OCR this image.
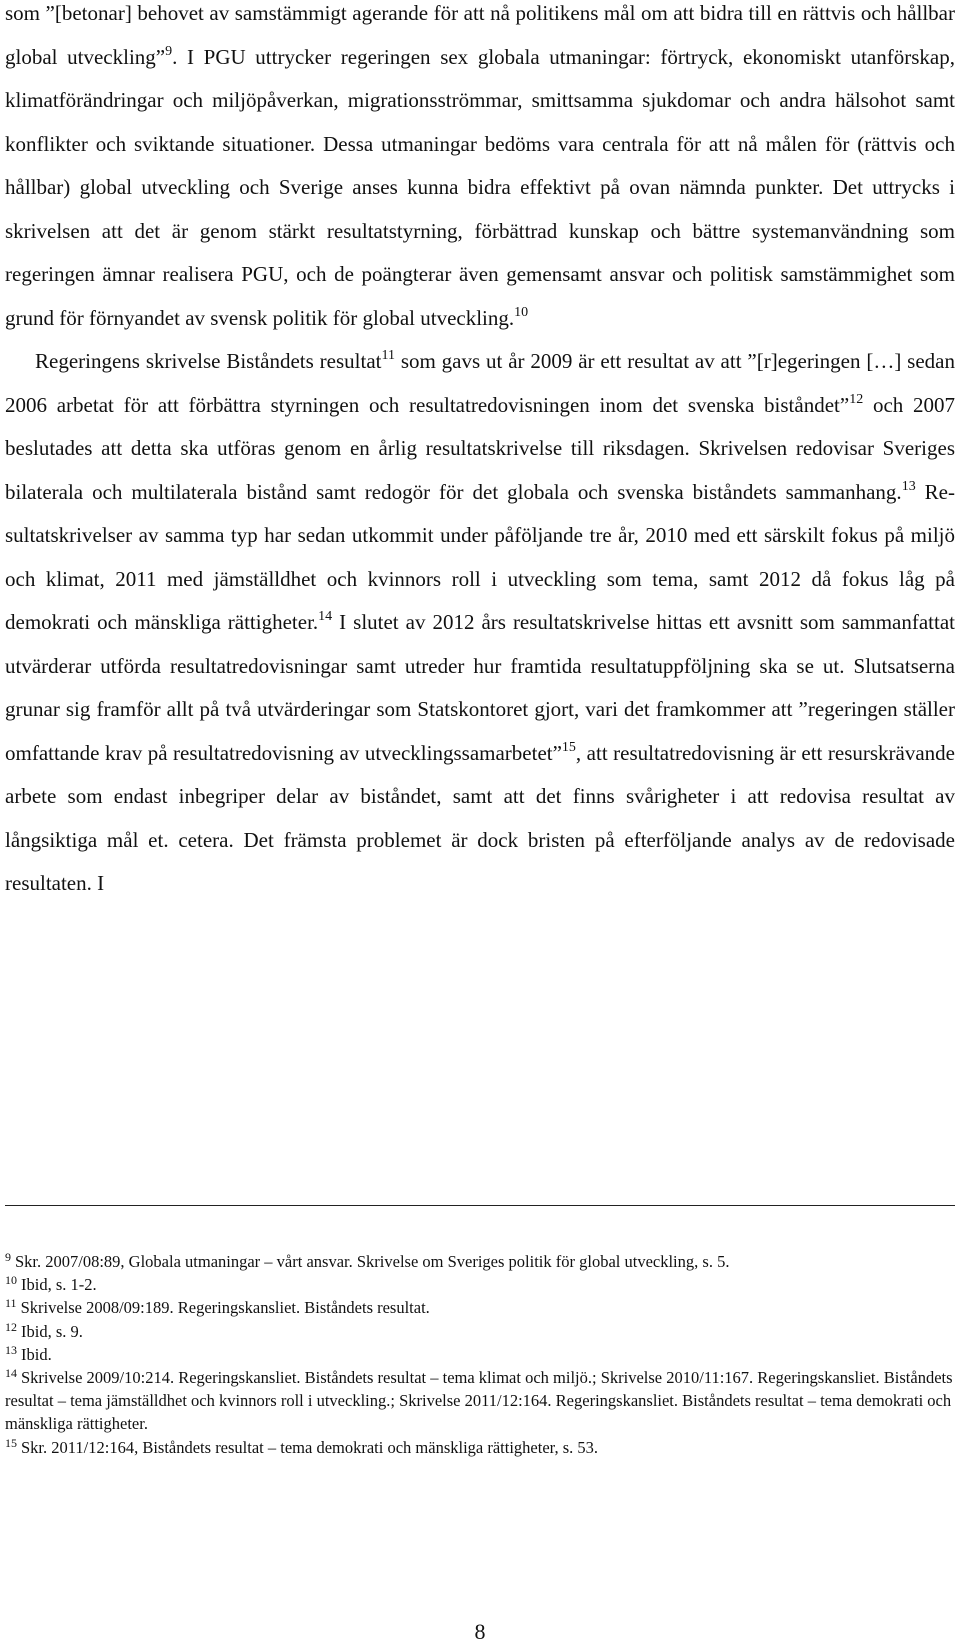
som ”[betonar] behovet av samstämmigt agerande för att nå politikens mål om att bidra till en rättvis och hållbar global utveckling”$^9$. I PGU uttrycker regeringen sex globala utmaningar: förtryck, ekonomiskt utanförskap, klimatförändringar och miljöpåverkan, migrationsströmmar, smittsamma sjukdomar och andra hälsohot samt konflikter och sviktande situationer. Dessa utmaningar bedöms vara centrala för att nå målen för (rättvis och hållbar) global utveckling och Sverige anses kunna bidra effektivt på ovan nämnda punkter. Det uttrycks i skrivelsen att det är genom stärkt resultatstyrning, förbättrad kunskap och bättre systemanvändning som regeringen ämnar realisera PGU, och de poängterar även gemensamt ansvar och politisk samstämmighet som grund för förnyandet av svensk politik för global utveckling.$^{10}$

Regeringens skrivelse Biståndets resultat$^{11}$ som gavs ut år 2009 är ett resultat av att ”[r]egeringen […] sedan 2006 arbetat för att förbättra styrningen och resultatredovisningen inom det svenska biståndet”$^{12}$ och 2007 beslutades att detta ska utföras genom en årlig resultatskrivelse till riksdagen. Skrivelsen redovisar Sveriges bilaterala och multilaterala bistånd samt redogör för det globala och svenska biståndets sammanhang.$^{13}$ Resultatskrivelser av samma typ har sedan utkommit under påföljande tre år, 2010 med ett särskilt fokus på miljö och klimat, 2011 med jämställdhet och kvinnors roll i utveckling som tema, samt 2012 då fokus låg på demokrati och mänskliga rättigheter.$^{14}$ I slutet av 2012 års resultatskrivelse hittas ett avsnitt som sammanfattat utvärderar utförda resultatredovisningar samt utreder hur framtida resultatuppföljning ska se ut. Slutsatserna grunar sig framför allt på två utvärderingar som Statskontoret gjort, vari det framkommer att ”regeringen ställer omfattande krav på resultatredovisning av utvecklingssamarbetet”$^{15}$, att resultatredovisning är ett resurskrävande arbete som endast inbegriper delar av biståndet, samt att det finns svårigheter i att redovisa resultat av långsiktiga mål et. cetera. Det främsta problemet är dock bristen på efterföljande analys av de redovisade resultaten. I

$^9$ Skr. 2007/08:89, Globala utmaningar – vårt ansvar. Skrivelse om Sveriges politik för global utveckling, s. 5.

$^{10}$ Ibid, s. 1-2.

$^{11}$ Skrivelse 2008/09:189. Regeringskansliet. Biståndets resultat.

$^{12}$ Ibid, s. 9.

$^{13}$ Ibid.

$^{14}$ Skrivelse 2009/10:214. Regeringskansliet. Biståndets resultat – tema klimat och miljö.; Skrivelse 2010/11:167. Regeringskansliet. Biståndets resultat – tema jämställdhet och kvinnors roll i utveckling.; Skrivelse 2011/12:164. Regeringskansliet. Biståndets resultat – tema demokrati och mänskliga rättigheter.

$^{15}$ Skr. 2011/12:164, Biståndets resultat – tema demokrati och mänskliga rättigheter, s. 53.

8
